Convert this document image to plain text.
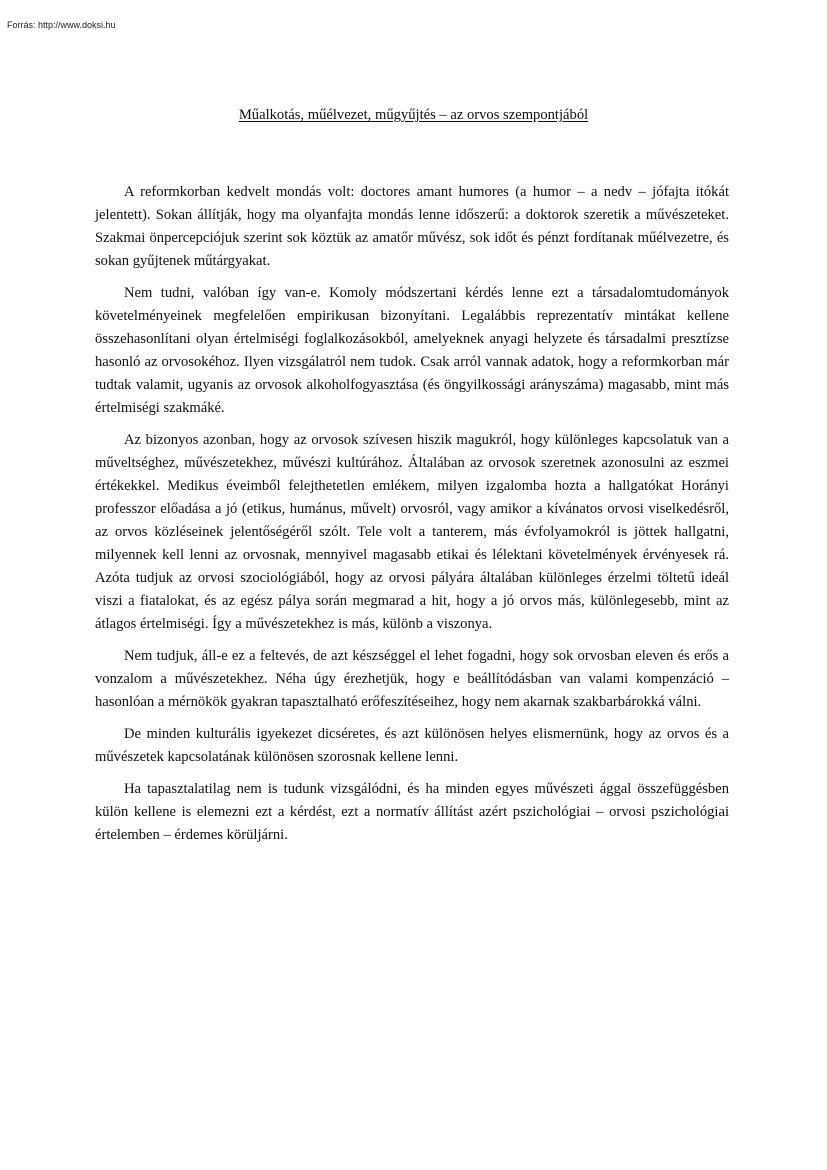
Forrás: http://www.doksi.hu
Műalkotás, műélvezet, műgyűjtés – az orvos szempontjából

A reformkorban kedvelt mondás volt: doctores amant humores (a humor – a nedv – jófajta itókát jelentett). Sokan állítják, hogy ma olyanfajta mondás lenne időszerű: a doktorok szeretik a művészeteket. Szakmai önpercepciójuk szerint sok köztük az amatőr művész, sok időt és pénzt fordítanak műélvezetre, és sokan gyűjtenek műtárgyakat.

Nem tudni, valóban így van-e. Komoly módszertani kérdés lenne ezt a társadalomtudományok követelményeinek megfelelően empirikusan bizonyítani. Legalábbis reprezentatív mintákat kellene összehasonlítani olyan értelmiségi foglalkozásokból, amelyeknek anyagi helyzete és társadalmi presztízse hasonló az orvosokéhoz. Ilyen vizsgálatról nem tudok. Csak arról vannak adatok, hogy a reformkorban már tudtak valamit, ugyanis az orvosok alkoholfogyasztása (és öngyilkossági arányszáma) magasabb, mint más értelmiségi szakmáké.

Az bizonyos azonban, hogy az orvosok szívesen hiszik magukról, hogy különleges kapcsolatuk van a műveltséghez, művészetekhez, művészi kultúrához. Általában az orvosok szeretnek azonosulni az eszmei értékekkel. Medikus éveimből felejthetetlen emlékem, milyen izgalomba hozta a hallgatókat Horányi professzor előadása a jó (etikus, humánus, művelt) orvosról, vagy amikor a kívánatos orvosi viselkedésről, az orvos közléseinek jelentőségéről szólt. Tele volt a tanterem, más évfolyamokról is jöttek hallgatni, milyennek kell lenni az orvosnak, mennyivel magasabb etikai és lélektani követelmények érvényesek rá. Azóta tudjuk az orvosi szociológiából, hogy az orvosi pályára általában különleges érzelmi töltetű ideál viszi a fiatalokat, és az egész pálya során megmarad a hit, hogy a jó orvos más, különlegesebb, mint az átlagos értelmiségi. Így a művészetekhez is más, különb a viszonya.

Nem tudjuk, áll-e ez a feltevés, de azt készséggel el lehet fogadni, hogy sok orvosban eleven és erős a vonzalom a művészetekhez. Néha úgy érezhetjük, hogy e beállítódásban van valami kompenzáció – hasonlóan a mérnökök gyakran tapasztalható erőfeszítéseihez, hogy nem akarnak szakbarbárokká válni.

De minden kulturális igyekezet dicséretes, és azt különösen helyes elismernünk, hogy az orvos és a művészetek kapcsolatának különösen szorosnak kellene lenni.

Ha tapasztalatilag nem is tudunk vizsgálódni, és ha minden egyes művészeti ággal összefüggésben külön kellene is elemezni ezt a kérdést, ezt a normatív állítást azért pszichológiai – orvosi pszichológiai értelemben – érdemes körüljárni.
